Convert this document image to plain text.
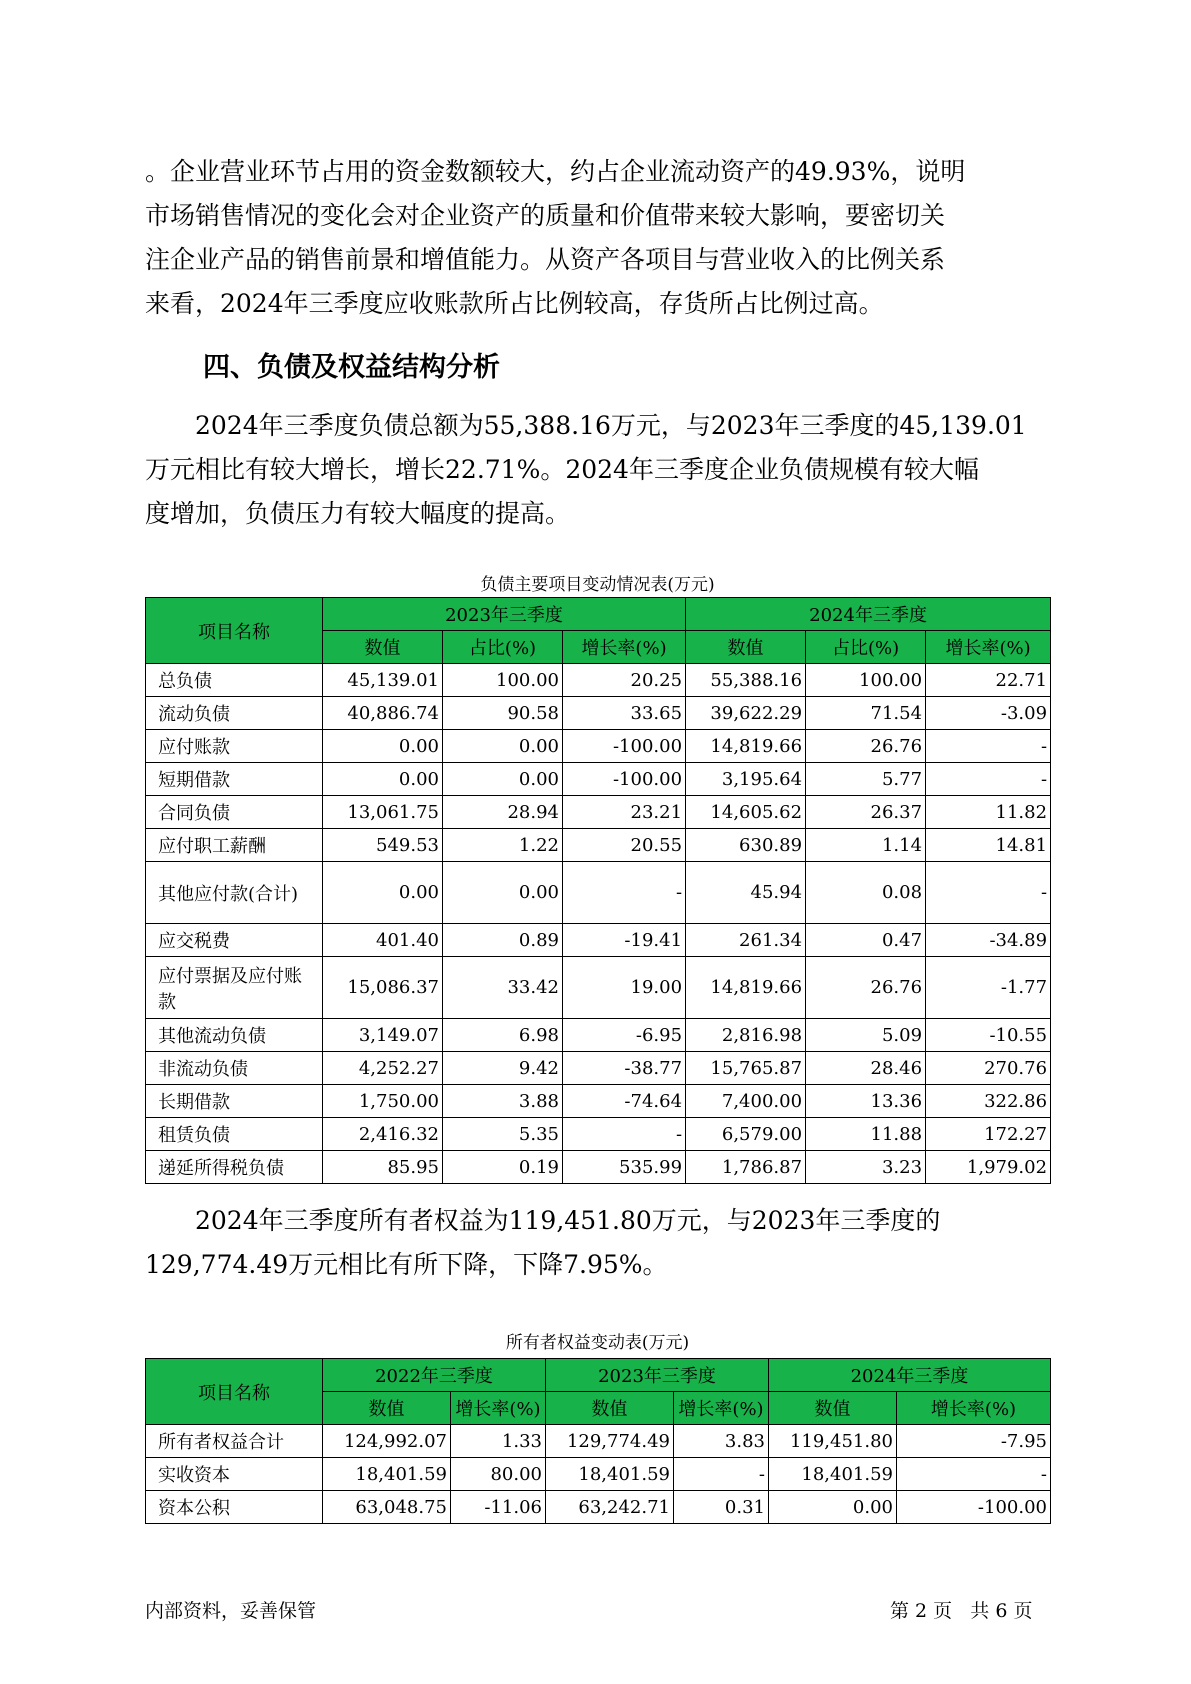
。企业营业环节占用的资金数额较大，约占企业流动资产的49.93%，说明
市场销售情况的变化会对企业资产的质量和价值带来较大影响，要密切关
注企业产品的销售前景和增值能力。从资产各项目与营业收入的比例关系
来看，2024年三季度应收账款所占比例较高，存货所占比例过高。
四、负债及权益结构分析
2024年三季度负债总额为55,388.16万元，与2023年三季度的45,139.01
万元相比有较大增长，增长22.71%。2024年三季度企业负债规模有较大幅
度增加，负债压力有较大幅度的提高。

负债主要项目变动情况表(万元)

项目名称	2023年三季度			2024年三季度		
	数值	占比(%)	增长率(%)	数值	占比(%)	增长率(%)
总负债	45,139.01	100.00	20.25	55,388.16	100.00	22.71
流动负债	40,886.74	90.58	33.65	39,622.29	71.54	-3.09
应付账款	0.00	0.00	-100.00	14,819.66	26.76	-
短期借款	0.00	0.00	-100.00	3,195.64	5.77	-
合同负债	13,061.75	28.94	23.21	14,605.62	26.37	11.82
应付职工薪酬	549.53	1.22	20.55	630.89	1.14	14.81
其他应付款(合计)	0.00	0.00	-	45.94	0.08	-
应交税费	401.40	0.89	-19.41	261.34	0.47	-34.89
应付票据及应付账款	15,086.37	33.42	19.00	14,819.66	26.76	-1.77
其他流动负债	3,149.07	6.98	-6.95	2,816.98	5.09	-10.55
非流动负债	4,252.27	9.42	-38.77	15,765.87	28.46	270.76
长期借款	1,750.00	3.88	-74.64	7,400.00	13.36	322.86
租赁负债	2,416.32	5.35	-	6,579.00	11.88	172.27
递延所得税负债	85.95	0.19	535.99	1,786.87	3.23	1,979.02
2024年三季度所有者权益为119,451.80万元，与2023年三季度的
129,774.49万元相比有所下降，下降7.95%。

所有者权益变动表(万元)

项目名称	2022年三季度		2023年三季度		2024年三季度	
	数值	增长率(%)	数值	增长率(%)	数值	增长率(%)
所有者权益合计	124,992.07	1.33	129,774.49	3.83	119,451.80	-7.95
实收资本	18,401.59	80.00	18,401.59	-	18,401.59	-
资本公积	63,048.75	-11.06	63,242.71	0.31	0.00	-100.00

内部资料，妥善保管	第 2 页   共 6 页
